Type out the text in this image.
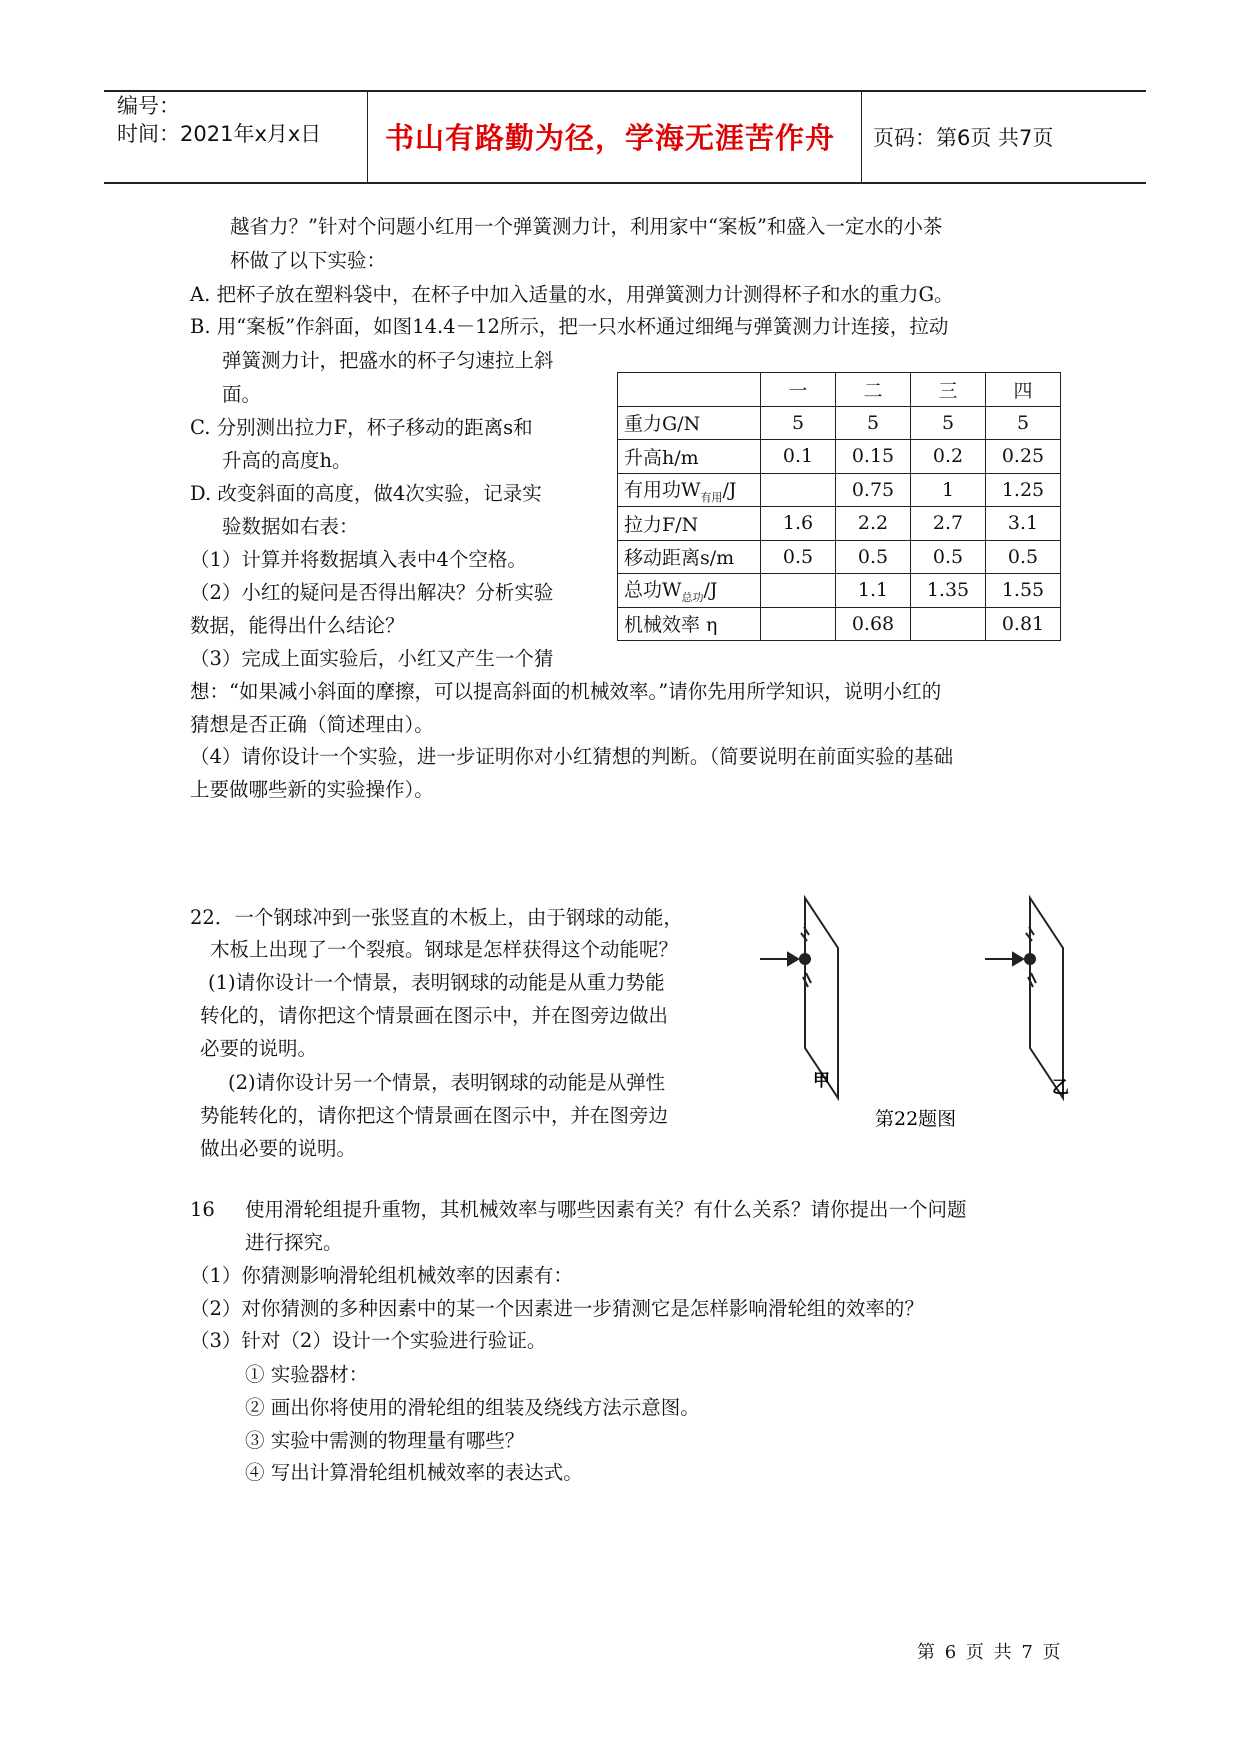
编号：
时间：2021年x月x日	书山有路勤为径，学海无涯苦作舟	页码：第6页 共7页
越省力？”针对个问题小红用一个弹簧测力计，利用家中“案板”和盛入一定水的小茶
杯做了以下实验：
A. 把杯子放在塑料袋中，在杯子中加入适量的水，用弹簧测力计测得杯子和水的重力G。
B. 用“案板”作斜面，如图14.4－12所示，把一只水杯通过细绳与弹簧测力计连接，拉动
弹簧测力计，把盛水的杯子匀速拉上斜
面。
C. 分别测出拉力F，杯子移动的距离s和
升高的高度h。
D. 改变斜面的高度，做4次实验，记录实
验数据如右表：
（1）计算并将数据填入表中4个空格。
（2）小红的疑问是否得出解决？分析实验
数据，能得出什么结论？
（3）完成上面实验后，小红又产生一个猜
想：“如果减小斜面的摩擦，可以提高斜面的机械效率。”请你先用所学知识，说明小红的
猜想是否正确（简述理由）。
（4）请你设计一个实验，进一步证明你对小红猜想的判断。（简要说明在前面实验的基础
上要做哪些新的实验操作）。
	一	二	三	四
重力G/N	5	5	5	5
升高h/m	0.1	0.15	0.2	0.25
有用功$W_{有用}/J$		0.75	1	1.25
拉力F/N	1.6	2.2	2.7	3.1
移动距离s/m	0.5	0.5	0.5	0.5
总功$W_{总功}/J$		1.1	1.35	1.55
机械效率 η		0.68		0.81
22．一个钢球冲到一张竖直的木板上，由于钢球的动能，
木板上出现了一个裂痕。钢球是怎样获得这个动能呢？
(1)请你设计一个情景，表明钢球的动能是从重力势能
转化的，请你把这个情景画在图示中，并在图旁边做出
必要的说明。
(2)请你设计另一个情景，表明钢球的动能是从弹性
势能转化的，请你把这个情景画在图示中，并在图旁边
做出必要的说明。
甲	乙
第22题图
16 使用滑轮组提升重物，其机械效率与哪些因素有关？有什么关系？请你提出一个问题
进行探究。
（1）你猜测影响滑轮组机械效率的因素有：
（2）对你猜测的多种因素中的某一个因素进一步猜测它是怎样影响滑轮组的效率的？
（3）针对（2）设计一个实验进行验证。
① 实验器材：
② 画出你将使用的滑轮组的组装及绕线方法示意图。
③ 实验中需测的物理量有哪些？
④ 写出计算滑轮组机械效率的表达式。
第 6 页 共 7 页
